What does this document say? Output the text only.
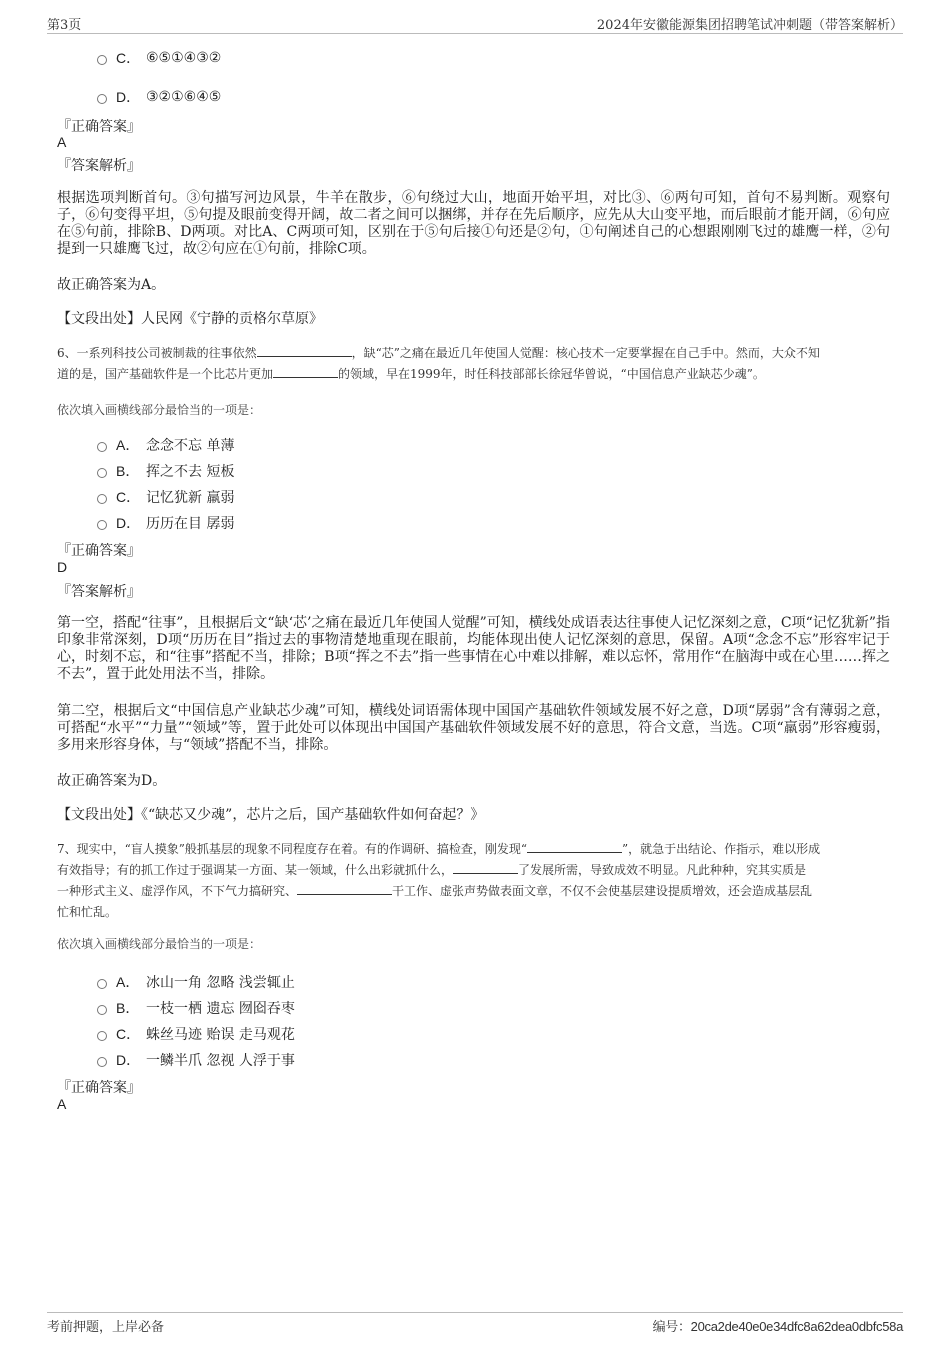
第3页	2024年安徽能源集团招聘笔试冲刺题（带答案解析）
C． ⑥⑤①④③②
D． ③②①⑥④⑤
『正确答案』
A
『答案解析』
根据选项判断首句。③句描写河边风景，牛羊在散步，⑥句绕过大山，地面开始平坦，对比③、⑥两句可知，首句不易判断。观察句子，⑥句变得平坦，⑤句提及眼前变得开阔，故二者之间可以捆绑，并存在先后顺序，应先从大山变平地，而后眼前才能开阔，⑥句应在⑤句前，排除B、D两项。对比A、C两项可知，区别在于⑤句后接①句还是②句，①句阐述自己的心想跟刚刚飞过的雄鹰一样，②句提到一只雄鹰飞过，故②句应在①句前，排除C项。
故正确答案为A。
【文段出处】人民网《宁静的贡格尔草原》
6、一系列科技公司被制裁的往事依然	，缺“芯”之痛在最近几年使国人觉醒：核心技术一定要掌握在自己手中。然而，大众不知
道的是，国产基础软件是一个比芯片更加	的领域，早在1999年，时任科技部部长徐冠华曾说，“中国信息产业缺芯少魂”。
依次填入画横线部分最恰当的一项是：
A． 念念不忘 单薄
B． 挥之不去 短板
C． 记忆犹新 羸弱
D． 历历在目 孱弱
『正确答案』
D
『答案解析』
第一空，搭配“往事”，且根据后文“缺‘芯’之痛在最近几年使国人觉醒”可知，横线处成语表达往事使人记忆深刻之意，C项“记忆犹新”指印象非常深刻，D项“历历在目”指过去的事物清楚地重现在眼前，均能体现出使人记忆深刻的意思，保留。A项“念念不忘”形容牢记于心，时刻不忘，和“往事”搭配不当，排除；B项“挥之不去”指一些事情在心中难以排解，难以忘怀，常用作“在脑海中或在心里……挥之不去”，置于此处用法不当，排除。
第二空，根据后文“中国信息产业缺芯少魂”可知，横线处词语需体现中国国产基础软件领域发展不好之意，D项“孱弱”含有薄弱之意，可搭配“水平”“力量”“领域”等，置于此处可以体现出中国国产基础软件领域发展不好的意思，符合文意，当选。C项“羸弱”形容瘦弱，多用来形容身体，与“领域”搭配不当，排除。
故正确答案为D。
【文段出处】《“缺芯又少魂”，芯片之后，国产基础软件如何奋起？》
7、现实中，“盲人摸象”般抓基层的现象不同程度存在着。有的作调研、搞检查，刚发现“	”，就急于出结论、作指示，难以形成
有效指导；有的抓工作过于强调某一方面、某一领域，什么出彩就抓什么，	了发展所需，导致成效不明显。凡此种种，究其实质是
一种形式主义、虚浮作风，不下气力搞研究、	干工作、虚张声势做表面文章，不仅不会使基层建设提质增效，还会造成基层乱
忙和忙乱。
依次填入画横线部分最恰当的一项是：
A． 冰山一角 忽略 浅尝辄止
B． 一枝一栖 遗忘 囫囵吞枣
C． 蛛丝马迹 贻误 走马观花
D． 一鳞半爪 忽视 人浮于事
『正确答案』
A
考前押题，上岸必备	编号：20ca2de40e0e34dfc8a62dea0dbfc58a
